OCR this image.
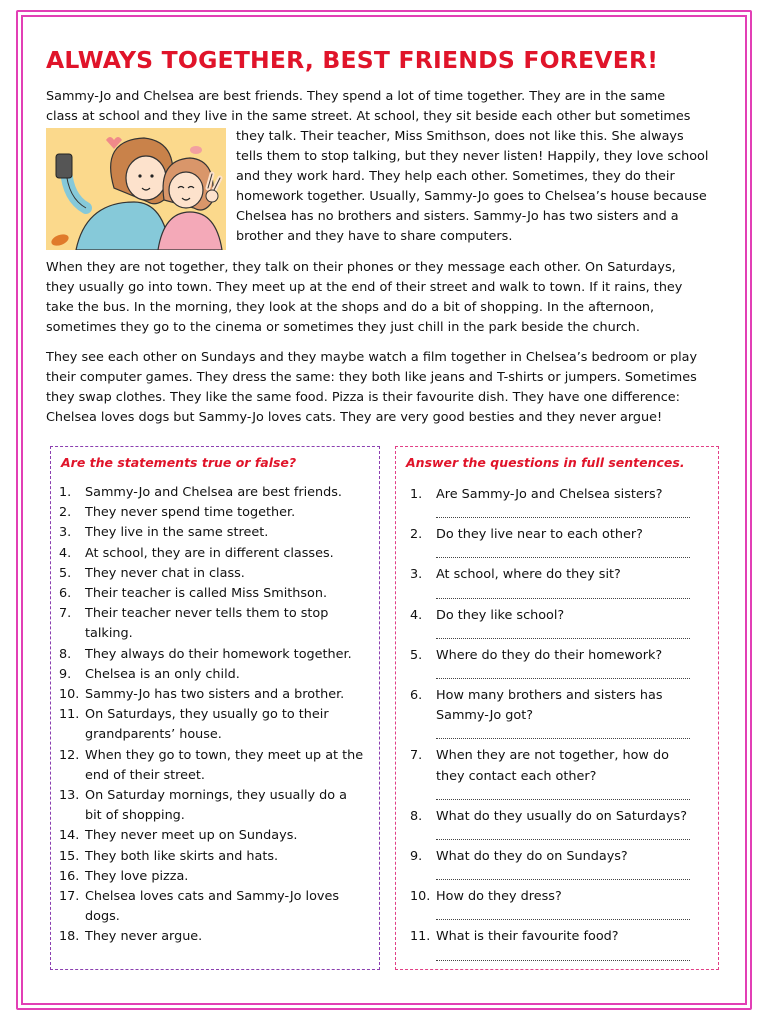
ALWAYS TOGETHER, BEST FRIENDS FOREVER!
Sammy-Jo and Chelsea are best friends. They spend a lot of time together. They are in the same
class at school and they live in the same street. At school, they sit beside each other but sometimes
they talk. Their teacher, Miss Smithson, does not like this. She always
tells them to stop talking, but they never listen! Happily, they love school
and they work hard. They help each other. Sometimes, they do their
homework together. Usually, Sammy-Jo goes to Chelsea’s house because
Chelsea has no brothers and sisters. Sammy-Jo has two sisters and a
brother and they have to share computers.
When they are not together, they talk on their phones or they message each other. On Saturdays,
they usually go into town. They meet up at the end of their street and walk to town. If it rains, they
take the bus. In the morning, they look at the shops and do a bit of shopping. In the afternoon,
sometimes they go to the cinema or sometimes they just chill in the park beside the church.
They see each other on Sundays and they maybe watch a film together in Chelsea’s bedroom or play
their computer games. They dress the same: they both like jeans and T-shirts or jumpers. Sometimes
they swap clothes. They like the same food. Pizza is their favourite dish. They have one difference:
Chelsea loves dogs but Sammy-Jo loves cats. They are very good besties and they never argue!
Are the statements true or false?
1. Sammy-Jo and Chelsea are best friends.
2. They never spend time together.
3. They live in the same street.
4. At school, they are in different classes.
5. They never chat in class.
6. Their teacher is called Miss Smithson.
7. Their teacher never tells them to stop
talking.
8. They always do their homework together.
9. Chelsea is an only child.
10. Sammy-Jo has two sisters and a brother.
11. On Saturdays, they usually go to their
grandparents’ house.
12. When they go to town, they meet up at the
end of their street.
13. On Saturday mornings, they usually do a
bit of shopping.
14. They never meet up on Sundays.
15. They both like skirts and hats.
16. They love pizza.
17. Chelsea loves cats and Sammy-Jo loves
dogs.
18. They never argue.
Answer the questions in full sentences.
1. Are Sammy-Jo and Chelsea sisters?
2. Do they live near to each other?
3. At school, where do they sit?
4. Do they like school?
5. Where do they do their homework?
6. How many brothers and sisters has
Sammy-Jo got?
7. When they are not together, how do
they contact each other?
8. What do they usually do on Saturdays?
9. What do they do on Sundays?
10. How do they dress?
11. What is their favourite food?
